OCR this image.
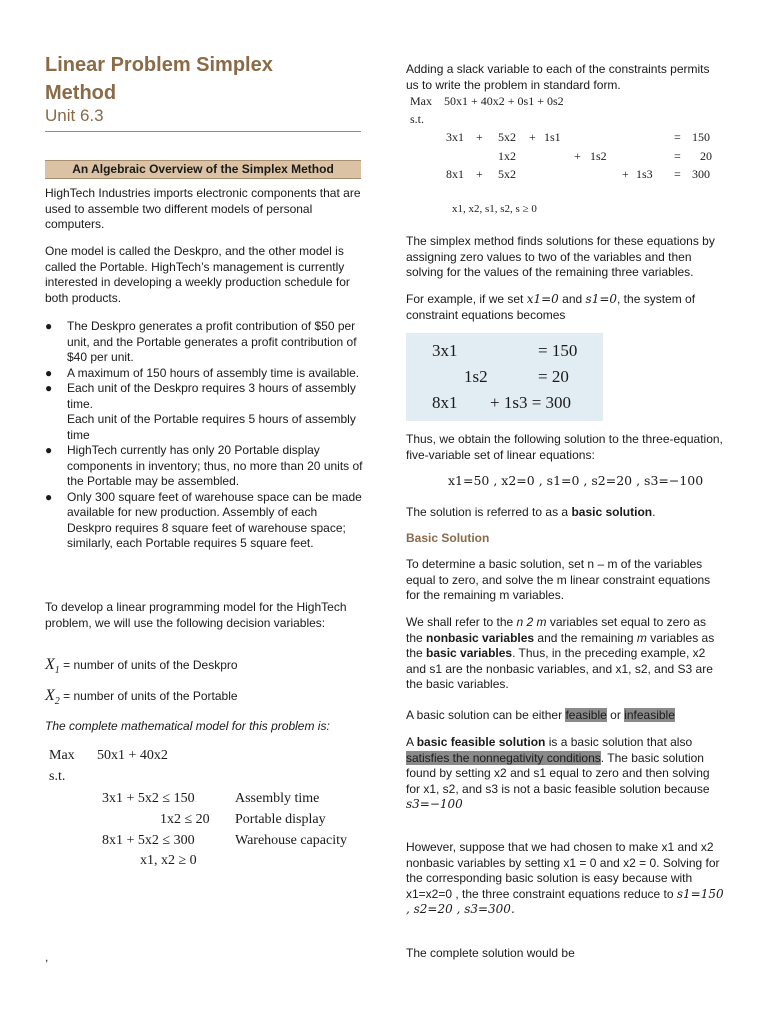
Linear Problem Simplex
Method
Unit 6.3
An Algebraic Overview of the Simplex Method

HighTech Industries imports electronic components that are used to assemble two different models of personal computers.

One model is called the Deskpro, and the other model is called the Portable. HighTech’s management is currently interested in developing a weekly production schedule for both products.

● The Deskpro generates a profit contribution of $50 per unit, and the Portable generates a profit contribution of $40 per unit.
● A maximum of 150 hours of assembly time is available.
● Each unit of the Deskpro requires 3 hours of assembly time.
Each unit of the Portable requires 5 hours of assembly time
● HighTech currently has only 20 Portable display components in inventory; thus, no more than 20 units of the Portable may be assembled.
● Only 300 square feet of warehouse space can be made available for new production. Assembly of each Deskpro requires 8 square feet of warehouse space; similarly, each Portable requires 5 square feet.

To develop a linear programming model for the HighTech problem, we will use the following decision variables:

$X_1$ = number of units of the Deskpro

$X_2$ = number of units of the Portable

The complete mathematical model for this problem is:

Max 50x1 + 40x2
s.t.
3x1 + 5x2 ≤ 150	Assembly time
1x2 ≤ 20 Portable display
8x1 + 5x2 ≤ 300	Warehouse capacity
x1, x2 ≥ 0

,

Adding a slack variable to each of the constraints permits us to write the problem in standard form.

Max 50x1 + 40x2 + 0s1 + 0s2
s.t.
3x1 + 5x2 + 1s1	= 150
1x2	+ 1s2	= 20
8x1 + 5x2	+ 1s3 = 300
x1, x2, s1, s2, s ≥ 0

The simplex method finds solutions for these equations by assigning zero values to two of the variables and then solving for the values of the remaining three variables.

For example, if we set x1=0 and s1=0, the system of constraint equations becomes

3x1	= 150
1s2	= 20
8x1 + 1s3 = 300

Thus, we obtain the following solution to the three-equation, five-variable set of linear equations:

x1=50 , x2=0 , s1=0 , s2=20 , s3=−100

The solution is referred to as a basic solution.

Basic Solution

To determine a basic solution, set n – m of the variables equal to zero, and solve the m linear constraint equations for the remaining m variables.

We shall refer to the n 2 m variables set equal to zero as the nonbasic variables and the remaining m variables as the basic variables. Thus, in the preceding example, x2 and s1 are the nonbasic variables, and x1, s2, and S3 are the basic variables.

A basic solution can be either feasible or infeasible

A basic feasible solution is a basic solution that also satisfies the nonnegativity conditions. The basic solution found by setting x2 and s1 equal to zero and then solving for x1, s2, and s3 is not a basic feasible solution because s3=−100

However, suppose that we had chosen to make x1 and x2 nonbasic variables by setting x1 = 0 and x2 = 0. Solving for the corresponding basic solution is easy because with x1=x2=0 , the three constraint equations reduce to s1=150 , s2=20 , s3=300.

The complete solution would be
